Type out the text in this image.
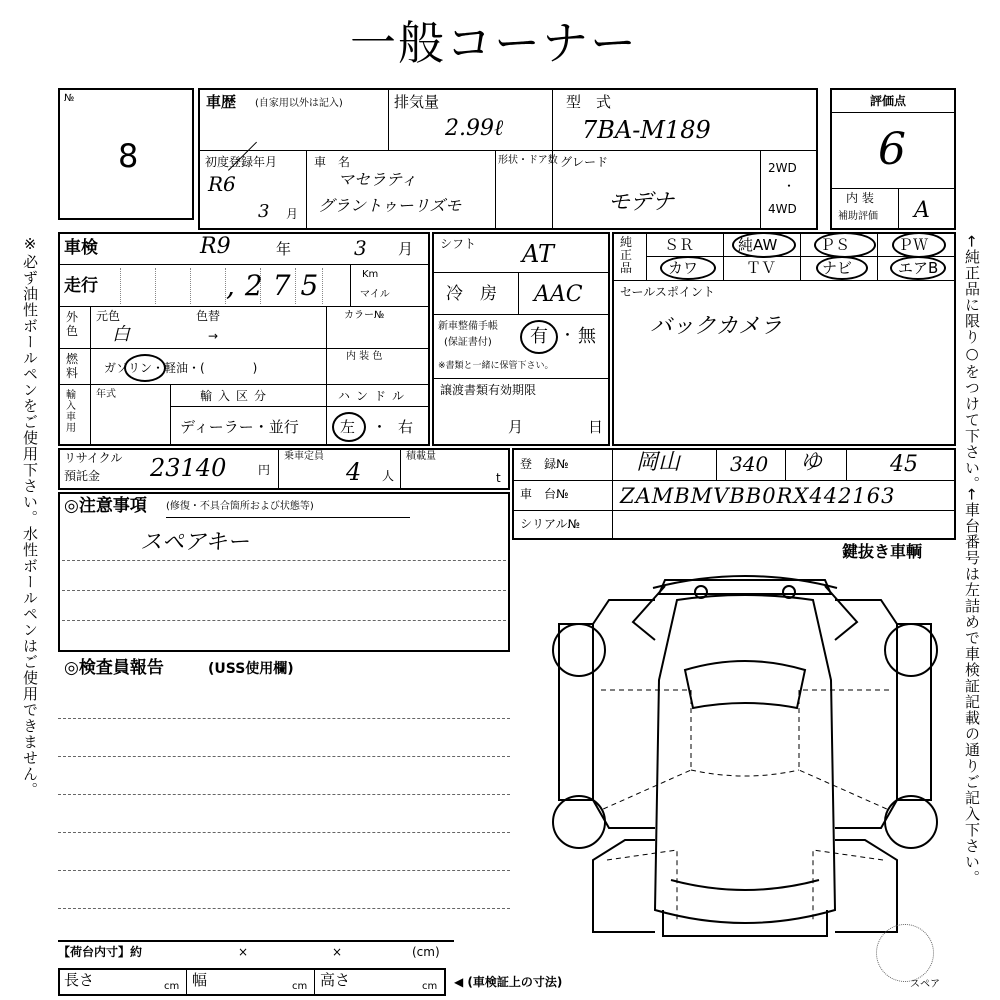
一般コーナー
※必ず油性ボールペンをご使用下さい。水性ボールペンはご使用できません。	←純正品に限り○をつけて下さい。
←車台番号は左詰めで車検証記載の通りご記入下さい。
№
8
車歴 (自家用以外は記入)	排気量
2.99ℓ
型　式
7BA-M189
初度登録年月
R6
3 月
車　名
マセラティ
グラントゥーリズモ
形状・ドア数 グレード
モデナ
2WD
・
4WD
評価点
6
内 装
補助評価 A
車検	R9	年	3 月
走行	,275	Km
マイル
外色
元色
白
色替
→
カラー№
燃料 ガソリン・軽油・(　　　　)
内 装 色
輸入車用
年式	輸入区分
ディーラー・並行
ハンドル
左 ・ 右
シフト AT
冷　房 AAC
新車整備手帳
(保証書付) 有 ・ 無
※書類と一緒に保管下さい。
譲渡書類有効期限
月	日
純正品
ＳＲ	純AW	ＰＳ	ＰＷ
カワ	ＴＶ	ナビ	エアB
セールスポイント
バックカメラ
リサイクル
預託金 23140	円
乗車定員
4 人
積載量
t
登　録№	岡山 340 ゆ	45
車　台№ ZAMBMVBB0RX442163
シリアル№
◎注意事項 (修復・不具合箇所および状態等)
スペアキー
◎検査員報告	(USS使用欄)
鍵抜き車輌
スペア
【荷台内寸】約	×	×	(cm)
長さ	cm 幅	cm 高さ	cm ◀ (車検証上の寸法)
